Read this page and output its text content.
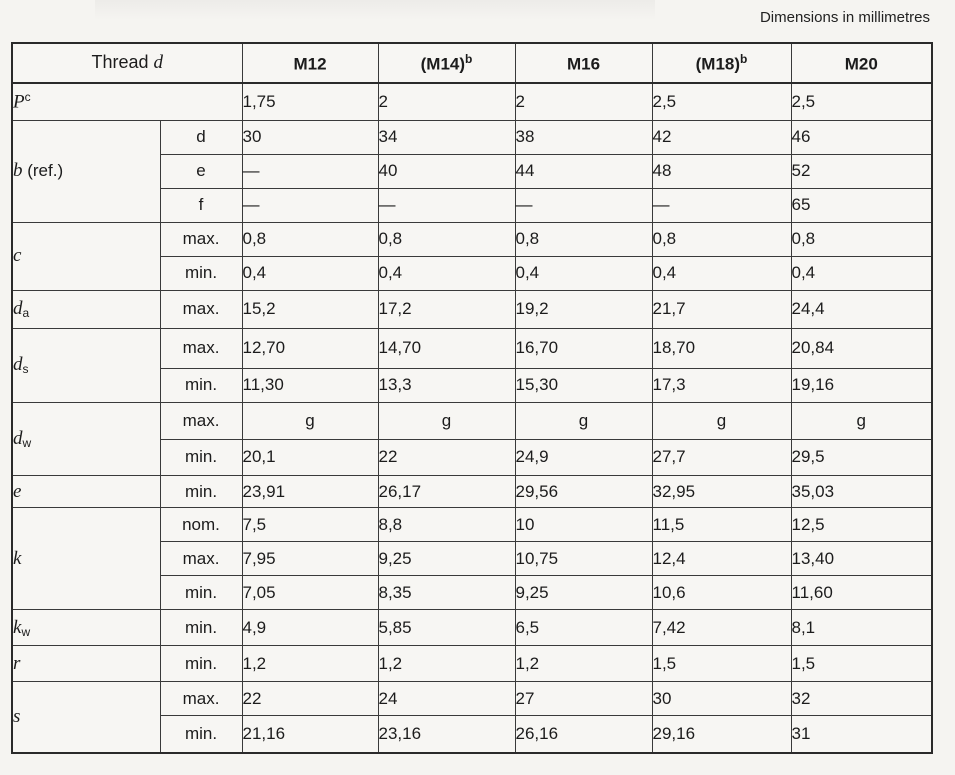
Dimensions in millimetres
Thread d		M12	$(M14)^b$	M16	$(M18)^b$	M20
$P^c$		1,75	2	2	2,5	2,5
b (ref.)	d	30	34	38	42	46
	e	—	40	44	48	52
	f	—	—	—	—	65
c	max.	0,8	0,8	0,8	0,8	0,8
	min.	0,4	0,4	0,4	0,4	0,4
$d_a$	max.	15,2	17,2	19,2	21,7	24,4
$d_s$	max.	12,70	14,70	16,70	18,70	20,84
	min.	11,30	13,3	15,30	17,3	19,16
$d_w$	max.	g	g	g	g	g
	min.	20,1	22	24,9	27,7	29,5
e	min.	23,91	26,17	29,56	32,95	35,03
k	nom.	7,5	8,8	10	11,5	12,5
	max.	7,95	9,25	10,75	12,4	13,40
	min.	7,05	8,35	9,25	10,6	11,60
$k_w$	min.	4,9	5,85	6,5	7,42	8,1
r	min.	1,2	1,2	1,2	1,5	1,5
s	max.	22	24	27	30	32
	min.	21,16	23,16	26,16	29,16	31
